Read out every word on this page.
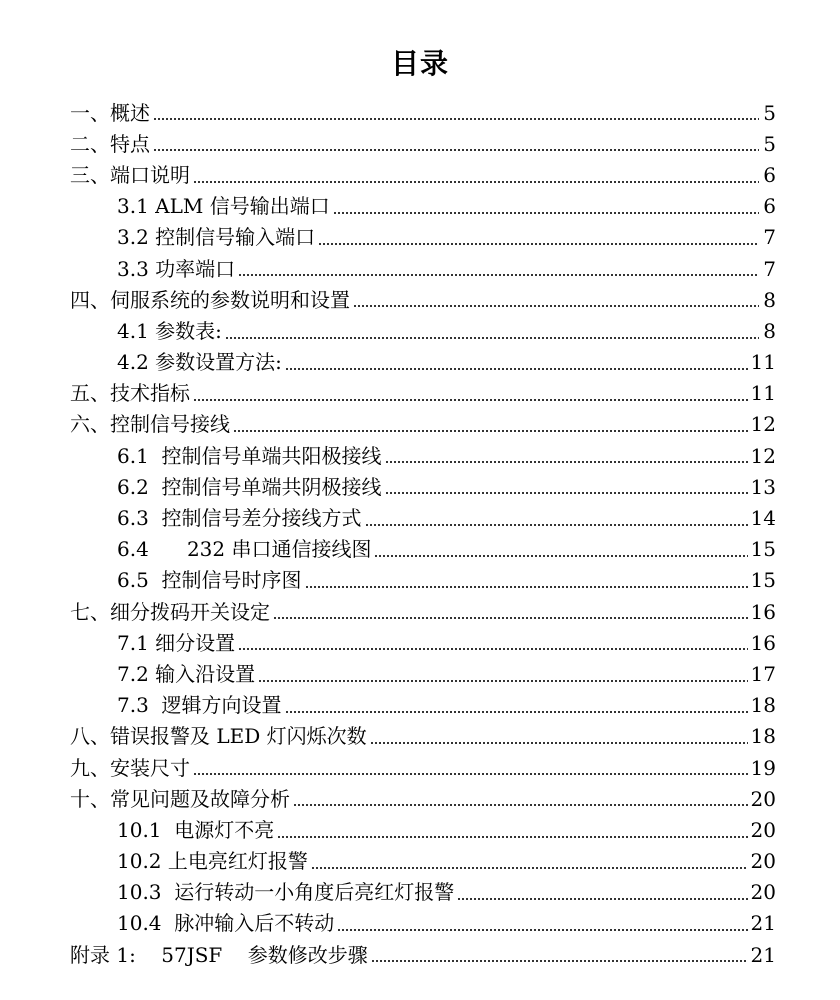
目录
一、概述	5
二、特点	5
三、端口说明	6
3.1 ALM 信号输出端口	6
3.2 控制信号输入端口	7
3.3 功率端口	7
四、伺服系统的参数说明和设置	8
4.1 参数表:	8
4.2 参数设置方法:	11
五、技术指标	11
六、控制信号接线	12
6.1  控制信号单端共阳极接线	12
6.2  控制信号单端共阴极接线	13
6.3  控制信号差分接线方式	14
6.4      232 串口通信接线图	15
6.5  控制信号时序图	15
七、细分拨码开关设定	16
7.1 细分设置	16
7.2 输入沿设置	17
7.3  逻辑方向设置	18
八、错误报警及 LED 灯闪烁次数	18
九、安装尺寸	19
十、常见问题及故障分析	20
10.1  电源灯不亮	20
10.2 上电亮红灯报警	20
10.3  运行转动一小角度后亮红灯报警	20
10.4  脉冲输入后不转动	21
附录 1:    57JSF    参数修改步骤	21
